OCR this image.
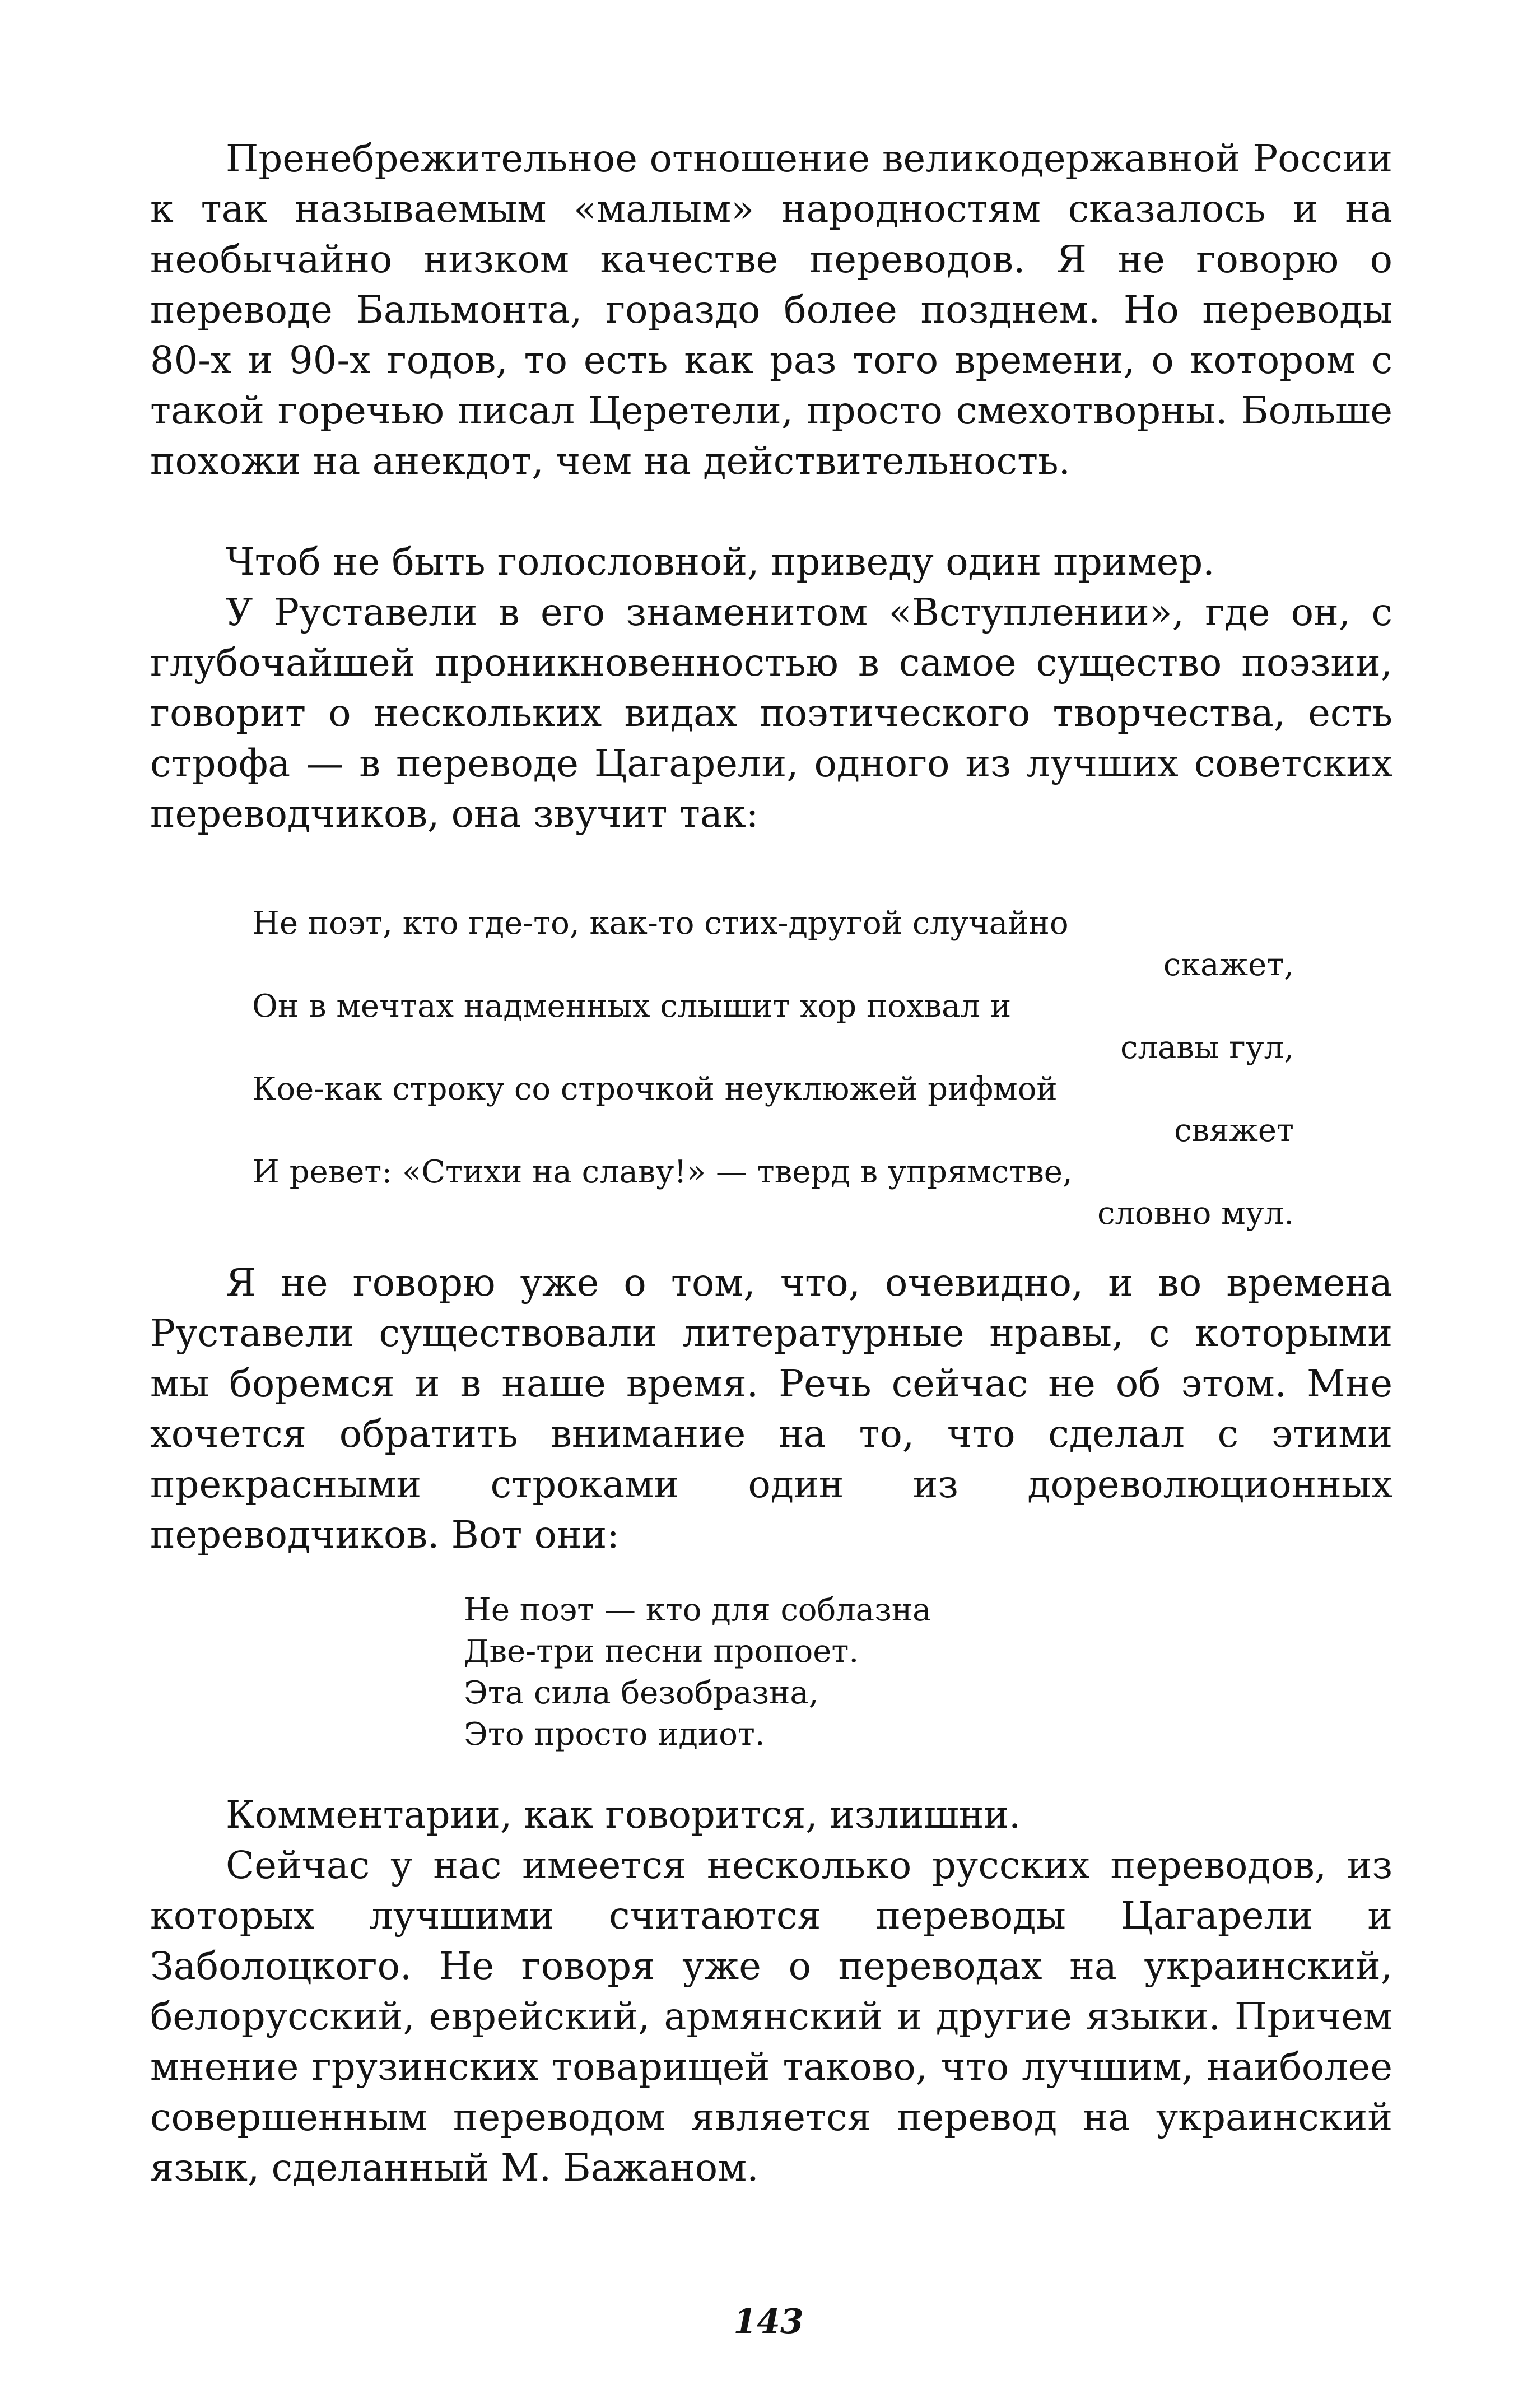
Пренебрежительное отношение великодержавной России к так называемым «малым» народностям сказалось и на необычайно низком качестве переводов. Я не говорю о переводе Бальмонта, гораздо более позднем. Но переводы 80-х и 90-х годов, то есть как раз того времени, о котором с такой горечью писал Церетели, просто смехотворны. Больше похожи на анекдот, чем на действительность.

Чтоб не быть голословной, приведу один пример.

У Руставели в его знаменитом «Вступлении», где он, с глубочайшей проникновенностью в самое существо поэзии, говорит о нескольких видах поэтического творчества, есть строфа — в переводе Цагарели, одного из лучших советских переводчиков, она звучит так:

Не поэт, кто где-то, как-то стих-другой случайно
скажет,
Он в мечтах надменных слышит хор похвал и
славы гул,
Кое-как строку со строчкой неуклюжей рифмой
свяжет
И ревет: «Стихи на славу!» — тверд в упрямстве,
словно мул.

Я не говорю уже о том, что, очевидно, и во времена Руставели существовали литературные нравы, с которыми мы боремся и в наше время. Речь сейчас не об этом. Мне хочется обратить внимание на то, что сделал с этими прекрасными строками один из дореволюционных переводчиков. Вот они:

Не поэт — кто для соблазна
Две-три песни пропоет.
Эта сила безобразна,
Это просто идиот.

Комментарии, как говорится, излишни.

Сейчас у нас имеется несколько русских переводов, из которых лучшими считаются переводы Цагарели и Заболоцкого. Не говоря уже о переводах на украинский, белорусский, еврейский, армянский и другие языки. Причем мнение грузинских товарищей таково, что лучшим, наиболее совершенным переводом является перевод на украинский язык, сделанный М. Бажаном.

143
